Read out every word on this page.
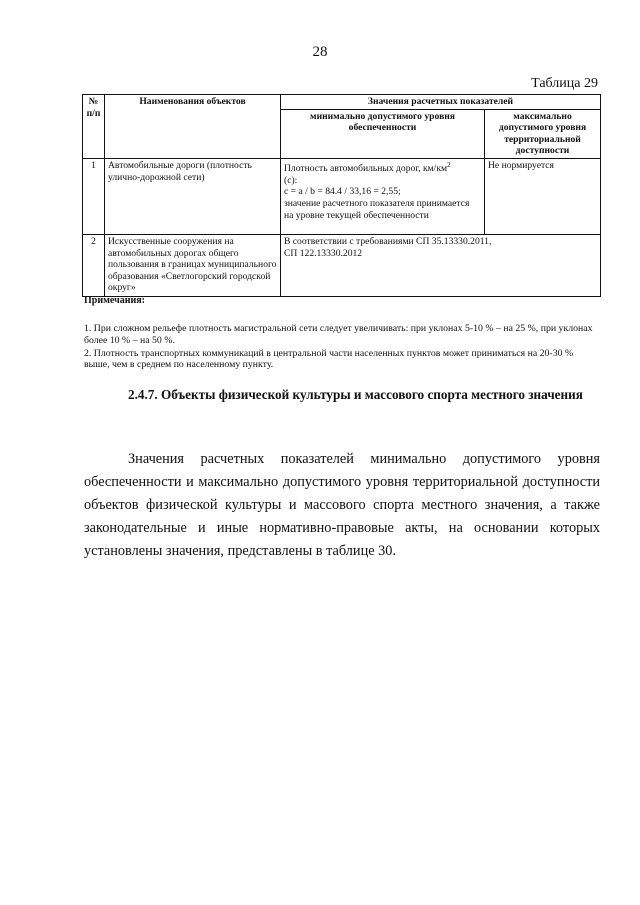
28
Таблица 29
№ п/п	Наименования объектов	Значения расчетных показателей	
		минимально допустимого уровня обеспеченности	максимально допустимого уровня территориальной доступности
1	Автомобильные дороги (плотность улично-дорожной сети)	Плотность автомобильных дорог, $км/км^2$
(с):
с = a / b = 84.4 / 33,16 = 2,55;
значение расчетного показателя принимается на уровне текущей обеспеченности	Не нормируется
2	Искусственные сооружения на автомобильных дорогах общего пользования в границах муниципального образования «Светлогорский городской округ»	В соответствии с требованиями СП 35.13330.2011,
СП 122.13330.2012	
Примечания:

1. При сложном рельефе плотность магистральной сети следует увеличивать: при уклонах 5-10 % – на 25 %, при уклонах более 10 % – на 50 %.

2. Плотность транспортных коммуникаций в центральной части населенных пунктов может приниматься на 20-30 % выше, чем в среднем по населенному пункту.

2.4.7. Объекты физической культуры и массового спорта местного значения
Значения расчетных показателей минимально допустимого уровня обеспеченности и максимально допустимого уровня территориальной доступности объектов физической культуры и массового спорта местного значения, а также законодательные и иные нормативно-правовые акты, на основании которых установлены значения, представлены в таблице 30.
